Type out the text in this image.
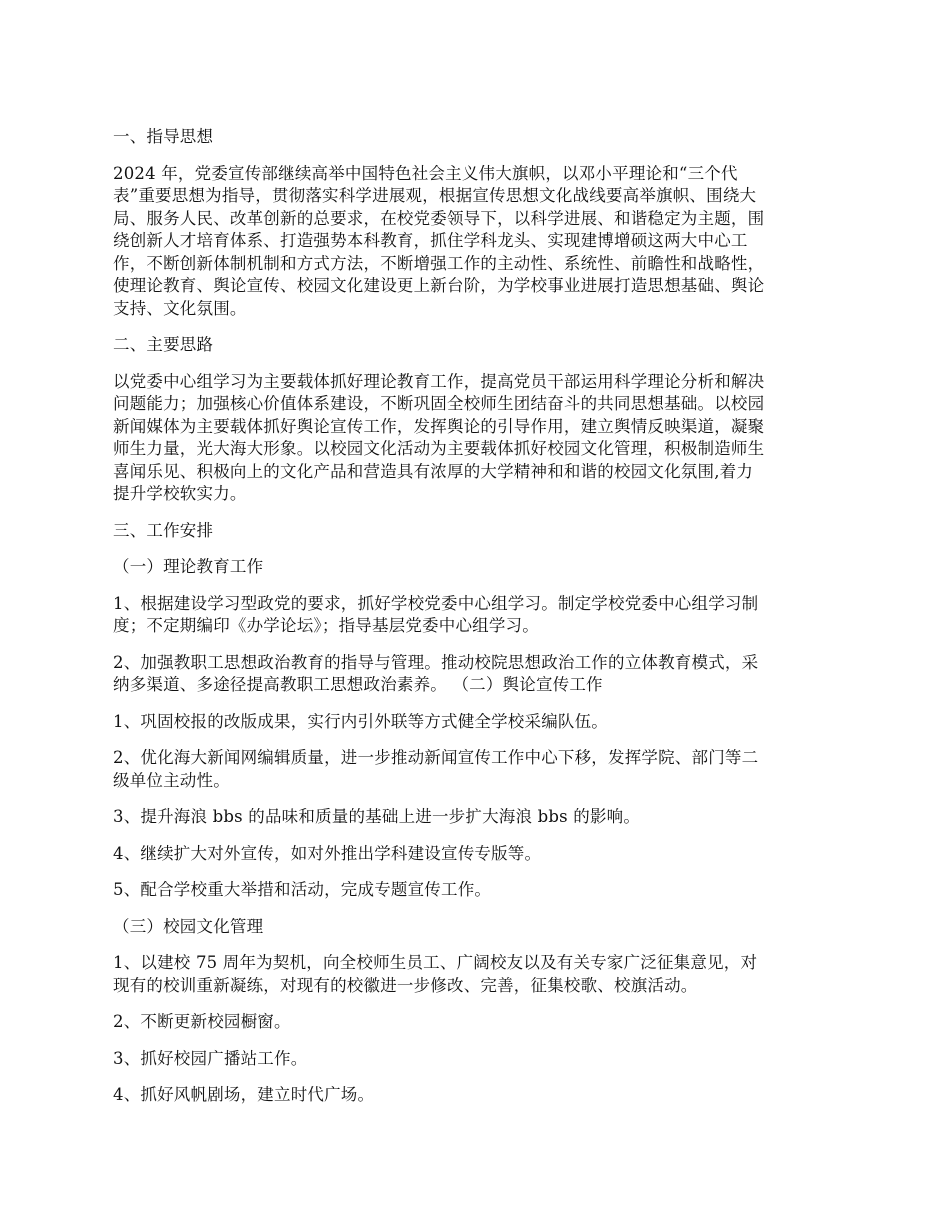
一、指导思想

2024 年，党委宣传部继续高举中国特色社会主义伟大旗帜，以邓小平理论和“三个代
表”重要思想为指导，贯彻落实科学进展观，根据宣传思想文化战线要高举旗帜、围绕大
局、服务人民、改革创新的总要求，在校党委领导下，以科学进展、和谐稳定为主题，围
绕创新人才培育体系、打造强势本科教育，抓住学科龙头、实现建博增硕这两大中心工
作，不断创新体制机制和方式方法，不断增强工作的主动性、系统性、前瞻性和战略性，
使理论教育、舆论宣传、校园文化建设更上新台阶，为学校事业进展打造思想基础、舆论
支持、文化氛围。

二、主要思路

以党委中心组学习为主要载体抓好理论教育工作，提高党员干部运用科学理论分析和解决
问题能力；加强核心价值体系建设，不断巩固全校师生团结奋斗的共同思想基础。以校园
新闻媒体为主要载体抓好舆论宣传工作，发挥舆论的引导作用，建立舆情反映渠道，凝聚
师生力量，光大海大形象。以校园文化活动为主要载体抓好校园文化管理，积极制造师生
喜闻乐见、积极向上的文化产品和营造具有浓厚的大学精神和和谐的校园文化氛围,着力
提升学校软实力。

三、工作安排

（一）理论教育工作

1、根据建设学习型政党的要求，抓好学校党委中心组学习。制定学校党委中心组学习制
度；不定期编印《办学论坛》；指导基层党委中心组学习。

2、加强教职工思想政治教育的指导与管理。推动校院思想政治工作的立体教育模式，采
纳多渠道、多途径提高教职工思想政治素养。 （二）舆论宣传工作

1、巩固校报的改版成果，实行内引外联等方式健全学校采编队伍。

2、优化海大新闻网编辑质量，进一步推动新闻宣传工作中心下移，发挥学院、部门等二
级单位主动性。

3、提升海浪 bbs 的品味和质量的基础上进一步扩大海浪 bbs 的影响。

4、继续扩大对外宣传，如对外推出学科建设宣传专版等。

5、配合学校重大举措和活动，完成专题宣传工作。

（三）校园文化管理

1、以建校 75 周年为契机，向全校师生员工、广阔校友以及有关专家广泛征集意见，对
现有的校训重新凝练，对现有的校徽进一步修改、完善，征集校歌、校旗活动。

2、不断更新校园橱窗。

3、抓好校园广播站工作。

4、抓好风帆剧场，建立时代广场。
